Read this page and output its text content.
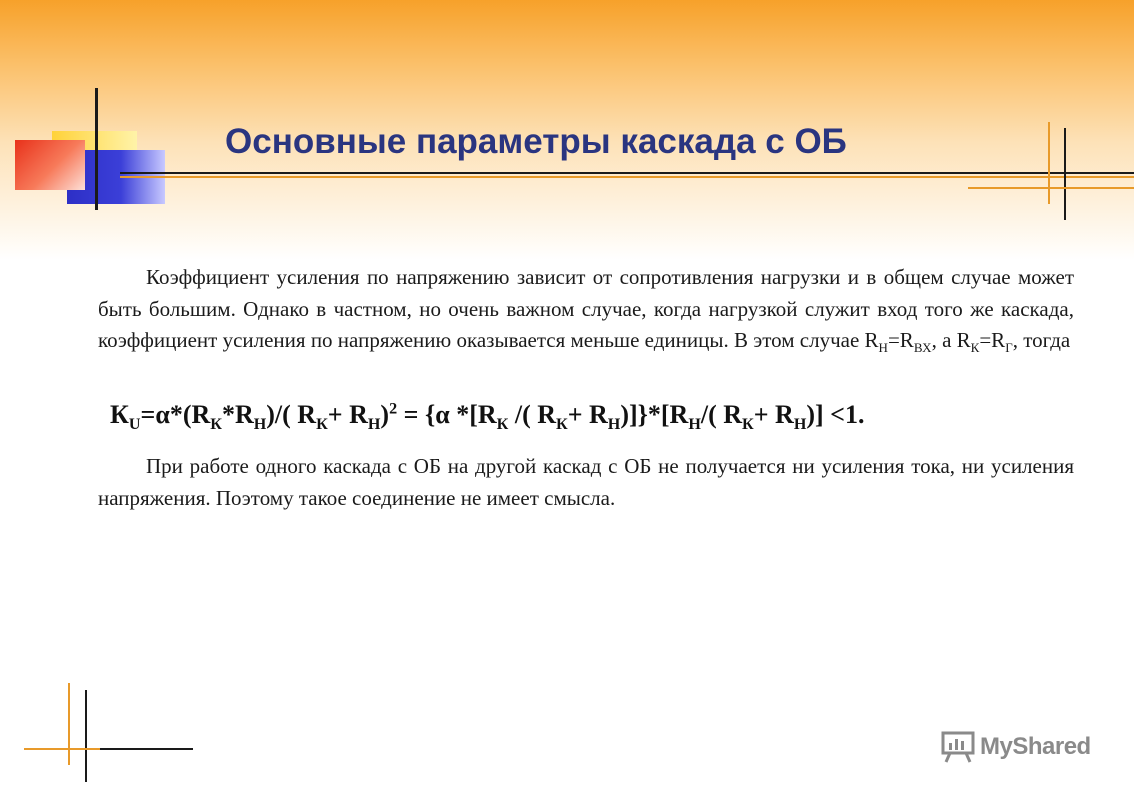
Основные параметры каскада с ОБ
Коэффициент усиления по напряжению зависит от сопротивления нагрузки и в общем случае может быть большим. Однако в частном, но очень важном случае, когда нагрузкой служит вход того же каскада, коэффициент усиления по напряжению оказывается меньше единицы. В этом случае $R_Н=R_{ВХ}$, а $R_К=R_Г$, тогда
$К_U=\alpha*(R_К*R_Н)/$( $R_К+ R_Н)^2 = \{\alpha$ $*[R_К$ /( $R_К+ R_Н)]\}*[R_Н/$( $R_К+ R_Н)] <1$.
При работе одного каскада с ОБ на другой каскад с ОБ не получается ни усиления тока, ни усиления напряжения. Поэтому такое соединение не имеет смысла.
MyShared
